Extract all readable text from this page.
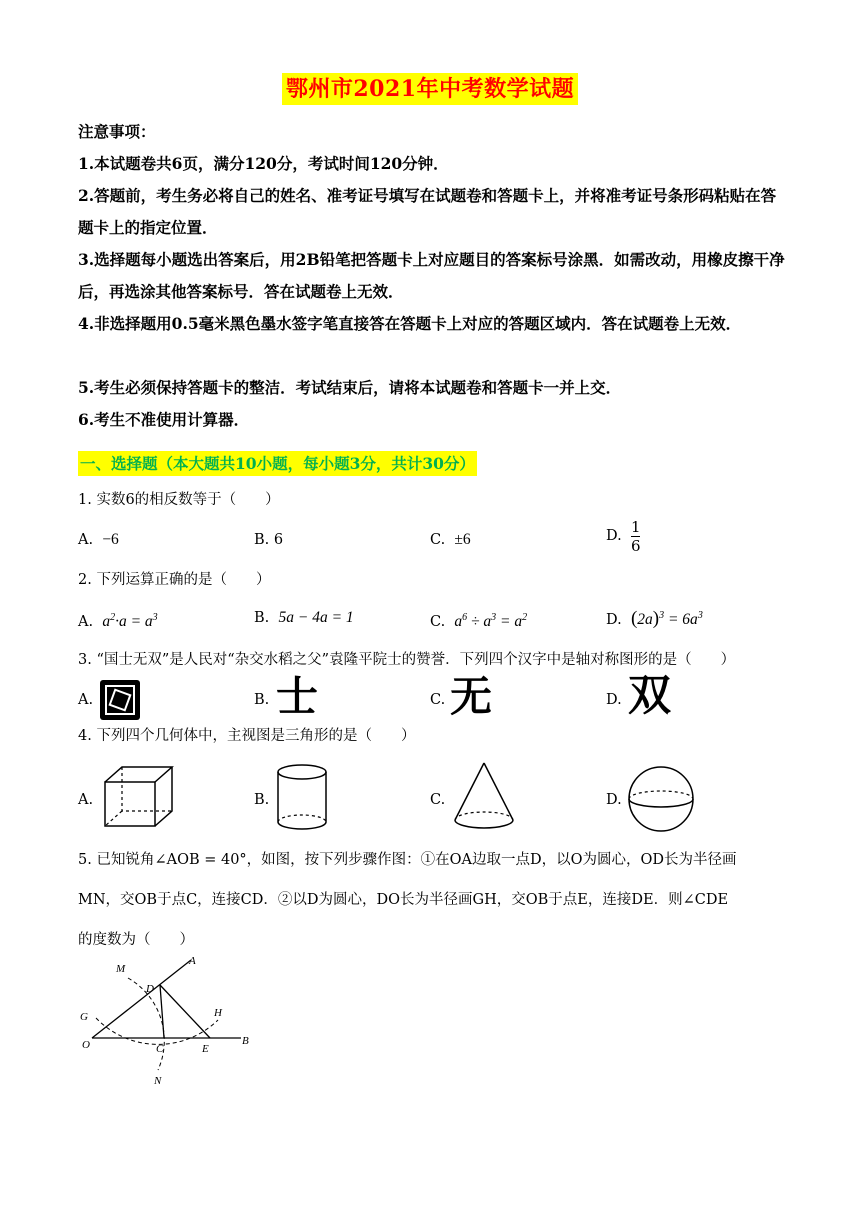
鄂州市2021年中考数学试题
注意事项：
1.本试题卷共6页，满分120分，考试时间120分钟．
2.答题前，考生务必将自己的姓名、准考证号填写在试题卷和答题卡上，并将准考证号条形码粘贴在答题卡上的指定位置．
3.选择题每小题选出答案后，用2B铅笔把答题卡上对应题目的答案标号涂黑．如需改动，用橡皮擦干净后，再选涂其他答案标号．答在试题卷上无效．
4.非选择题用0.5毫米黑色墨水签字笔直接答在答题卡上对应的答题区域内．答在试题卷上无效．
5.考生必须保持答题卡的整洁．考试结束后，请将本试题卷和答题卡一并上交．
6.考生不准使用计算器．
一、选择题（本大题共10小题，每小题3分，共计30分）
1. 实数6的相反数等于（　　）
A. −6	B. 6	C. ±6	D. $\frac{1}{6}$
2. 下列运算正确的是（　　）
A. $a^2\cdot a = a^3$	B. 5a − 4a = 1	C. $a^6 \div a^3 = a^2$	D. $(2a)^3 = 6a^3$
3. “国士无双”是人民对“杂交水稻之父”袁隆平院士的赞誉．下列四个汉字中是轴对称图形的是（　　）
A.	B. 士	C. 无	D. 双
4. 下列四个几何体中，主视图是三角形的是（　　）
A.	B.	C.	D.
5. 已知锐角∠AOB = 40°，如图，按下列步骤作图：①在OA边取一点D，以O为圆心，OD长为半径画
MN，交OB于点C，连接CD．②以D为圆心，DO长为半径画GH，交OB于点E，连接DE．则∠CDE
的度数为（　　）
M
A
D
G	H
O	C	E
B
N
